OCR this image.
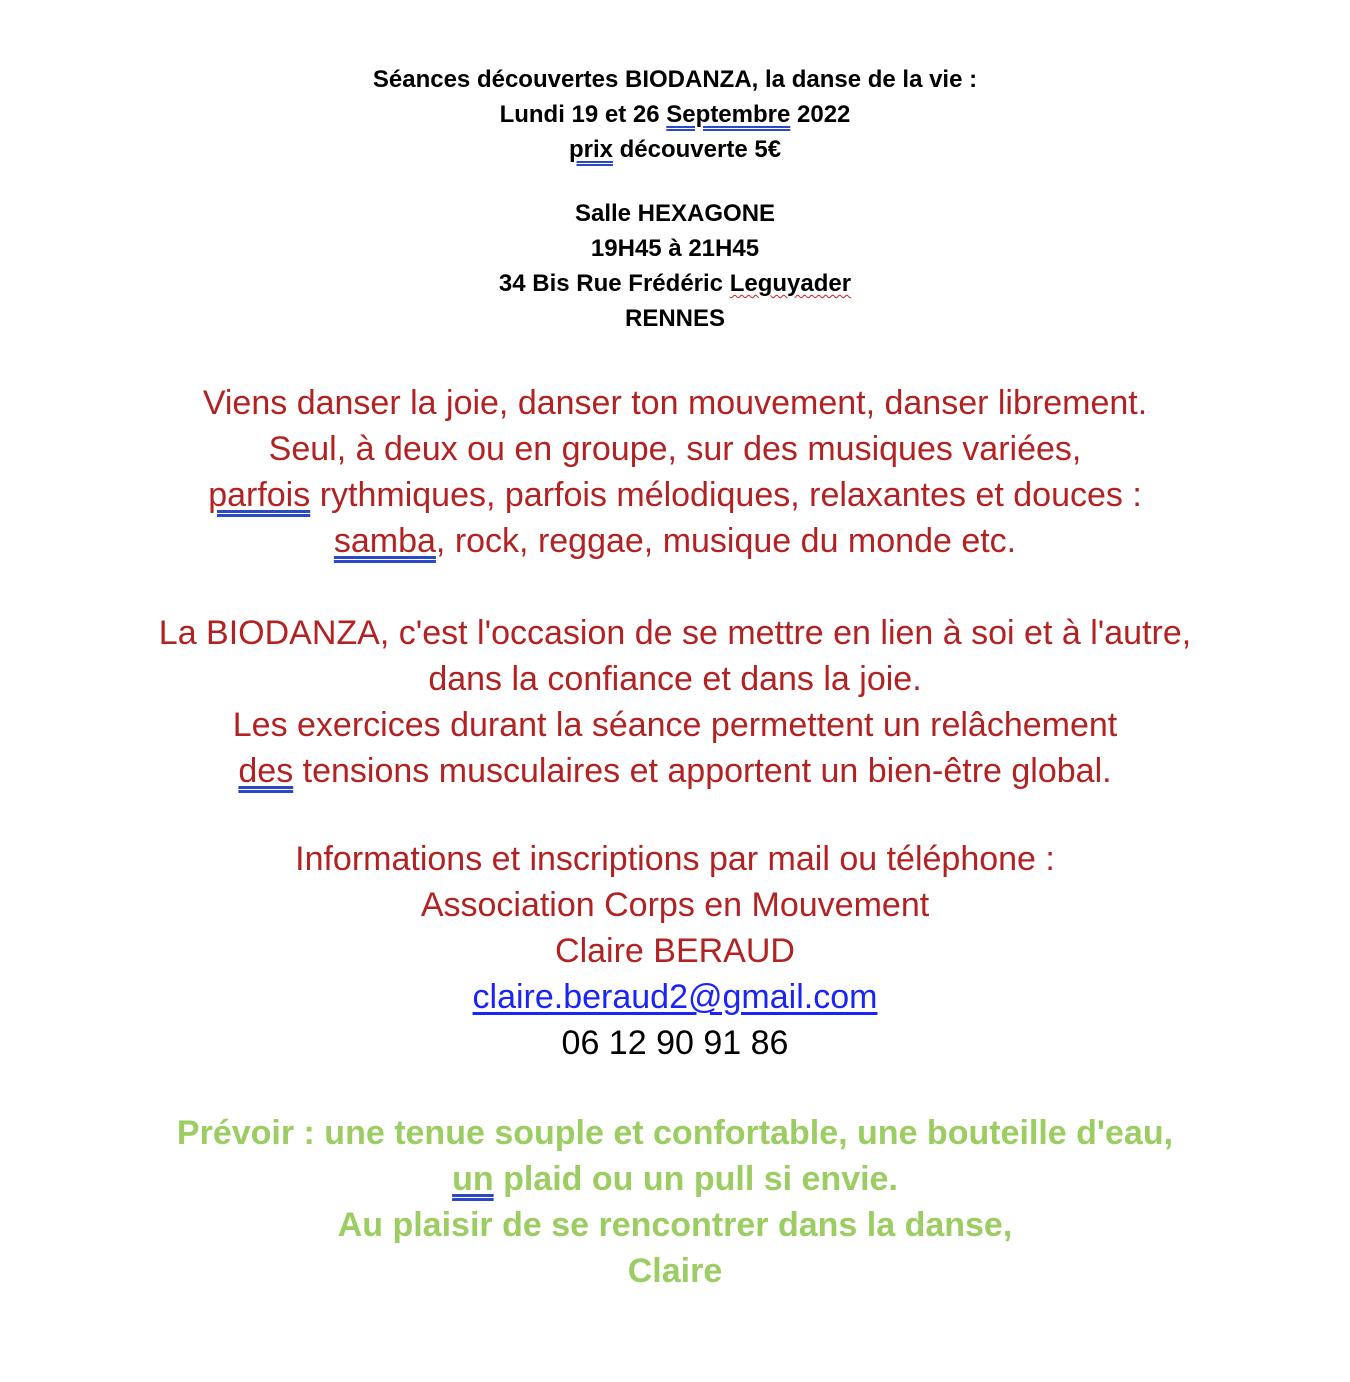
Séances découvertes BIODANZA, la danse de la vie :
Lundi 19 et 26 Septembre 2022
prix découverte 5€
Salle HEXAGONE
19H45 à 21H45
34 Bis Rue Frédéric Leguyader
RENNES
Viens danser la joie, danser ton mouvement, danser librement.
Seul, à deux ou en groupe, sur des musiques variées,
parfois rythmiques, parfois mélodiques, relaxantes et douces :
samba, rock, reggae, musique du monde etc.
La BIODANZA, c'est l'occasion de se mettre en lien à soi et à l'autre,
dans la confiance et dans la joie.
Les exercices durant la séance permettent un relâchement
des tensions musculaires et apportent un bien-être global.
Informations et inscriptions par mail ou téléphone :
Association Corps en Mouvement
Claire BERAUD
claire.beraud2@gmail.com
06 12 90 91 86
Prévoir : une tenue souple et confortable, une bouteille d'eau,
un plaid ou un pull si envie.
Au plaisir de se rencontrer dans la danse,
Claire
